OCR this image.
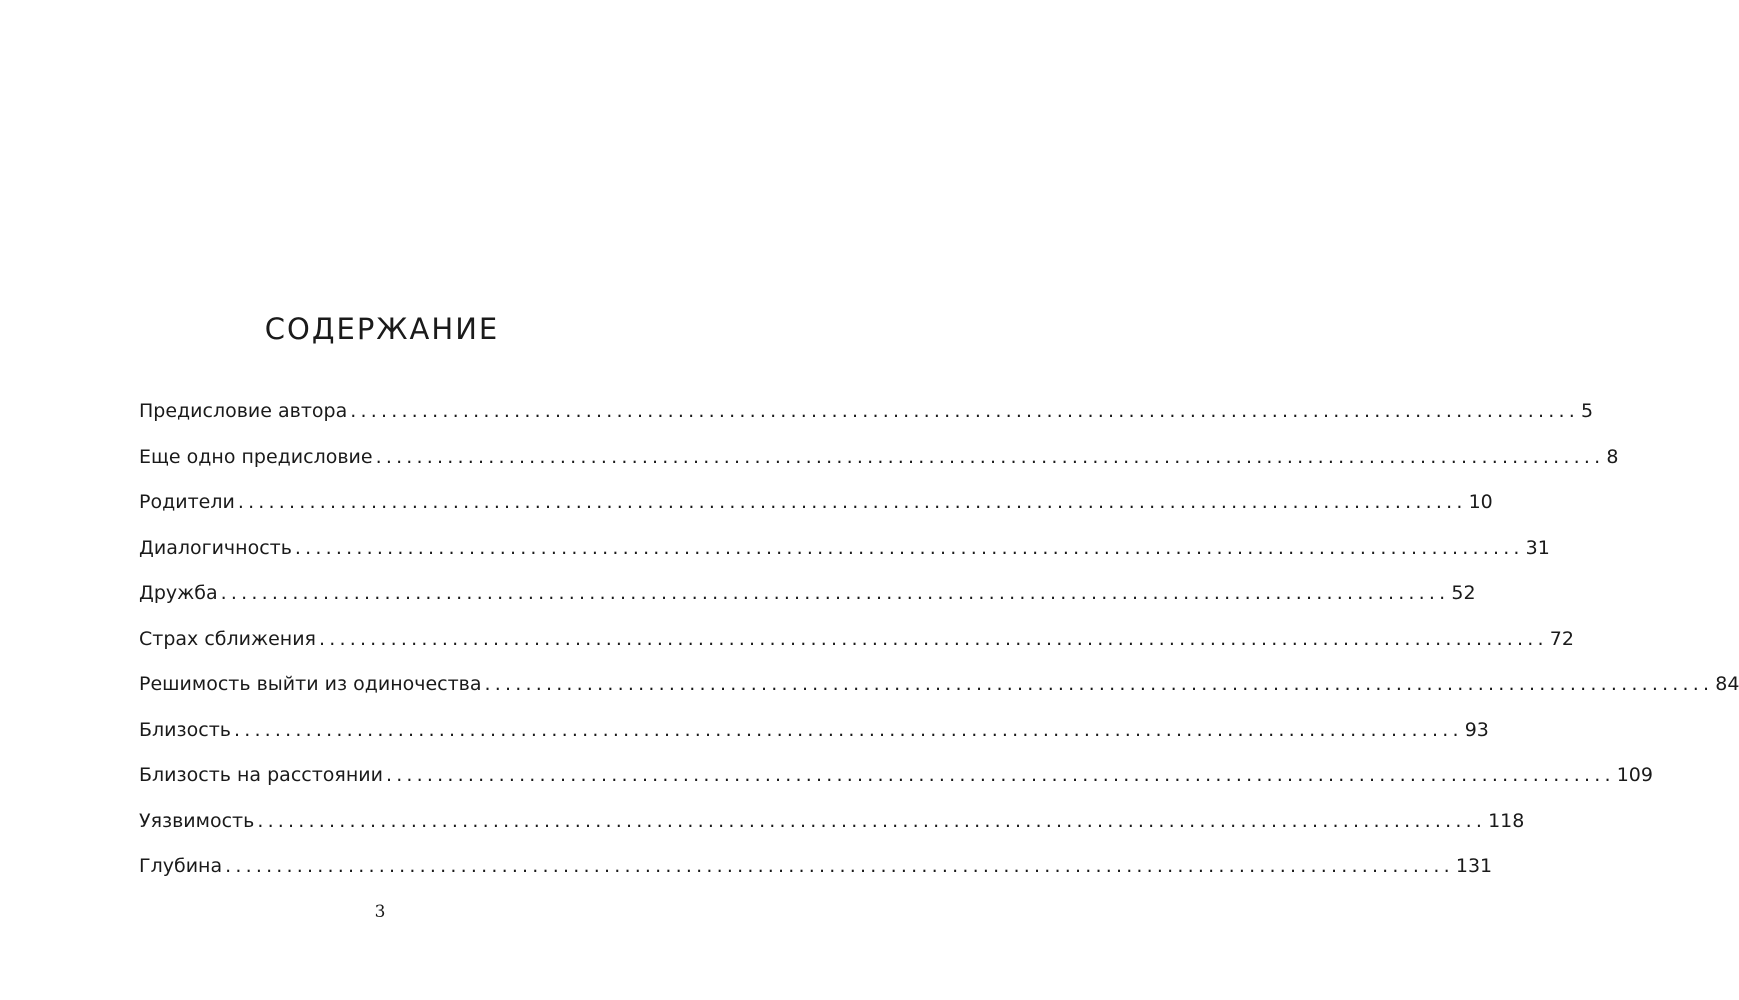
СОДЕРЖАНИЕ
Предисловие автора ........................................................................................................................ 5
Еще одно предисловие ........................................................................................................................ 8
Родители ........................................................................................................................ 10
Диалогичность ........................................................................................................................ 31
Дружба ........................................................................................................................ 52
Страх сближения ........................................................................................................................ 72
Решимость выйти из одиночества ........................................................................................................................ 84
Близость ........................................................................................................................ 93
Близость на расстоянии ........................................................................................................................ 109
Уязвимость ........................................................................................................................ 118
Глубина ........................................................................................................................ 131
3
